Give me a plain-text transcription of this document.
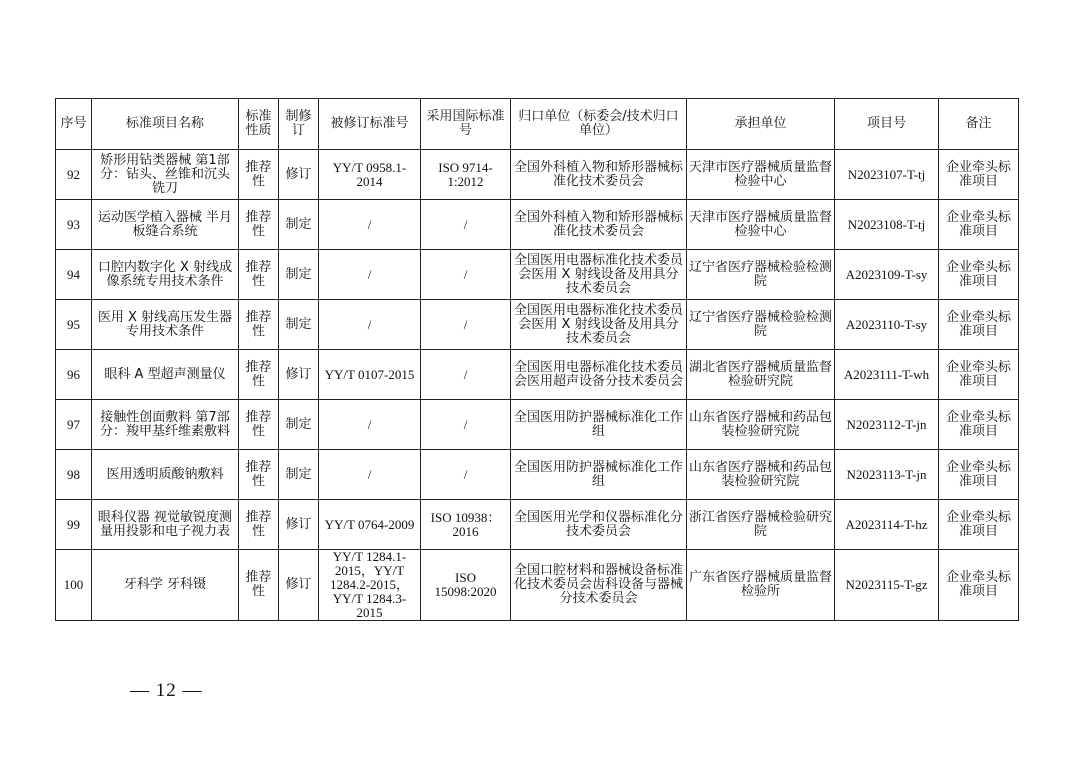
序号	标准项目名称	标准性质	制修订	被修订标准号	采用国际标准号	归口单位（标委会/技术归口单位）	承担单位	项目号	备注
92	矫形用钻类器械 第1部分：钻头、丝锥和沉头铣刀	推荐性	修订	YY/T 0958.1-2014	ISO 9714-1:2012	全国外科植入物和矫形器械标准化技术委员会	天津市医疗器械质量监督检验中心	N2023107-T-tj	企业牵头标准项目
93	运动医学植入器械 半月板缝合系统	推荐性	制定	/	/	全国外科植入物和矫形器械标准化技术委员会	天津市医疗器械质量监督检验中心	N2023108-T-tj	企业牵头标准项目
94	口腔内数字化 X 射线成像系统专用技术条件	推荐性	制定	/	/	全国医用电器标准化技术委员会医用 X 射线设备及用具分技术委员会	辽宁省医疗器械检验检测院	A2023109-T-sy	企业牵头标准项目
95	医用 X 射线高压发生器专用技术条件	推荐性	制定	/	/	全国医用电器标准化技术委员会医用 X 射线设备及用具分技术委员会	辽宁省医疗器械检验检测院	A2023110-T-sy	企业牵头标准项目
96	眼科 A 型超声测量仪	推荐性	修订	YY/T 0107-2015	/	全国医用电器标准化技术委员会医用超声设备分技术委员会	湖北省医疗器械质量监督检验研究院	A2023111-T-wh	企业牵头标准项目
97	接触性创面敷料 第7部分：羧甲基纤维素敷料	推荐性	制定	/	/	全国医用防护器械标准化工作组	山东省医疗器械和药品包装检验研究院	N2023112-T-jn	企业牵头标准项目
98	医用透明质酸钠敷料	推荐性	制定	/	/	全国医用防护器械标准化工作组	山东省医疗器械和药品包装检验研究院	N2023113-T-jn	企业牵头标准项目
99	眼科仪器 视觉敏锐度测量用投影和电子视力表	推荐性	修订	YY/T 0764-2009	ISO 10938：2016	全国医用光学和仪器标准化分技术委员会	浙江省医疗器械检验研究院	A2023114-T-hz	企业牵头标准项目
100	牙科学 牙科镊	推荐性	修订	YY/T 1284.1-2015，YY/T 1284.2-2015，YY/T 1284.3-2015	ISO 15098:2020	全国口腔材料和器械设备标准化技术委员会齿科设备与器械分技术委员会	广东省医疗器械质量监督检验所	N2023115-T-gz	企业牵头标准项目
— 12 —
